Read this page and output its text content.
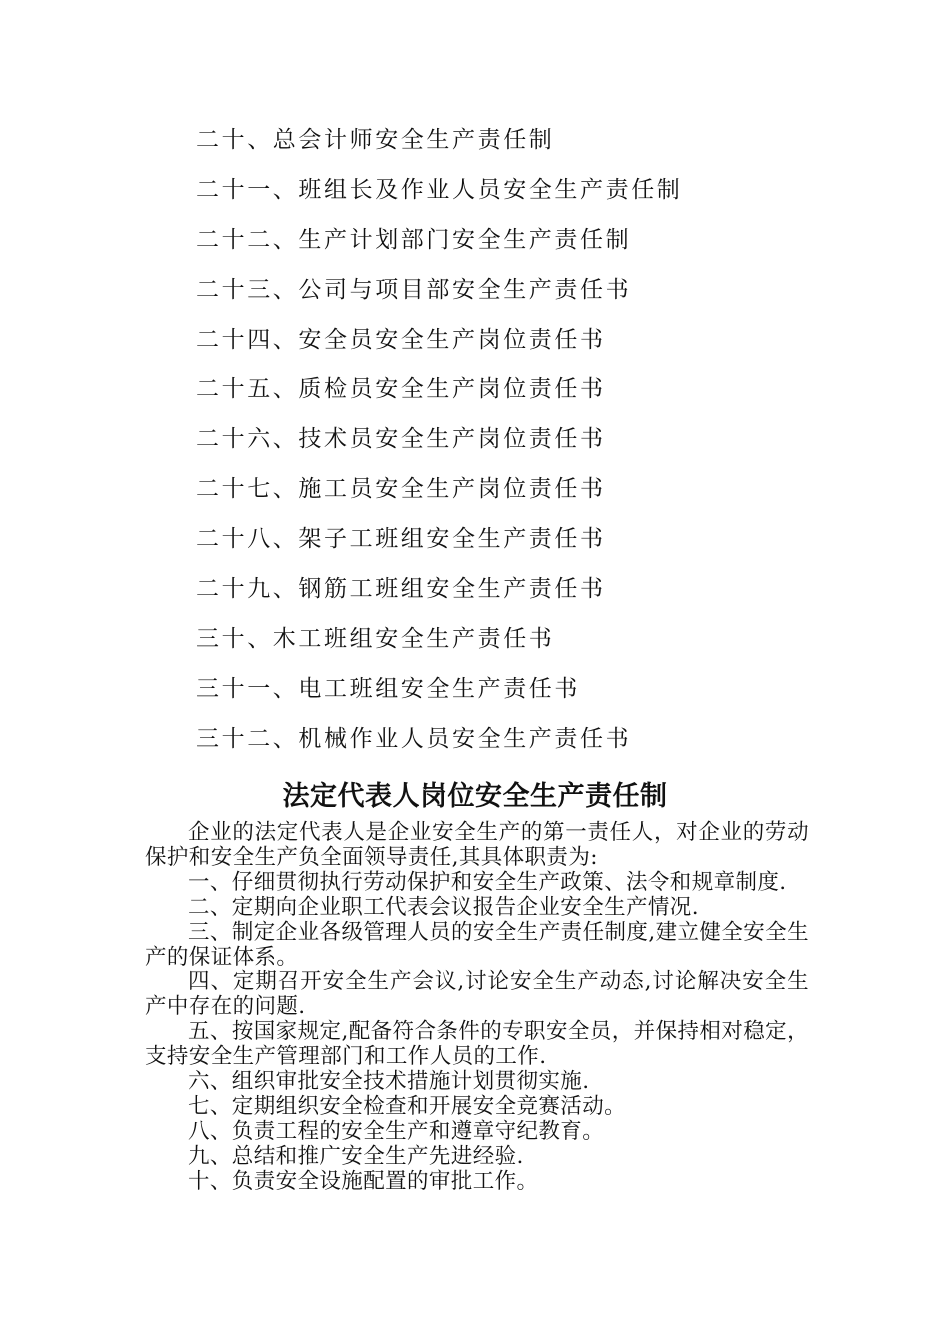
二十、总会计师安全生产责任制
二十一、班组长及作业人员安全生产责任制
二十二、生产计划部门安全生产责任制
二十三、公司与项目部安全生产责任书
二十四、安全员安全生产岗位责任书
二十五、质检员安全生产岗位责任书
二十六、技术员安全生产岗位责任书
二十七、施工员安全生产岗位责任书
二十八、架子工班组安全生产责任书
二十九、钢筋工班组安全生产责任书
三十、木工班组安全生产责任书
三十一、电工班组安全生产责任书
三十二、机械作业人员安全生产责任书
法定代表人岗位安全生产责任制

企业的法定代表人是企业安全生产的第一责任人，对企业的劳动保护和安全生产负全面领导责任,其具体职责为:

一、仔细贯彻执行劳动保护和安全生产政策、法令和规章制度.

二、定期向企业职工代表会议报告企业安全生产情况.

三、制定企业各级管理人员的安全生产责任制度,建立健全安全生产的保证体系。

四、定期召开安全生产会议,讨论安全生产动态,讨论解决安全生产中存在的问题.

五、按国家规定,配备符合条件的专职安全员，并保持相对稳定，支持安全生产管理部门和工作人员的工作.

六、组织审批安全技术措施计划贯彻实施.

七、定期组织安全检查和开展安全竞赛活动。

八、负责工程的安全生产和遵章守纪教育。

九、总结和推广安全生产先进经验.

十、负责安全设施配置的审批工作。
